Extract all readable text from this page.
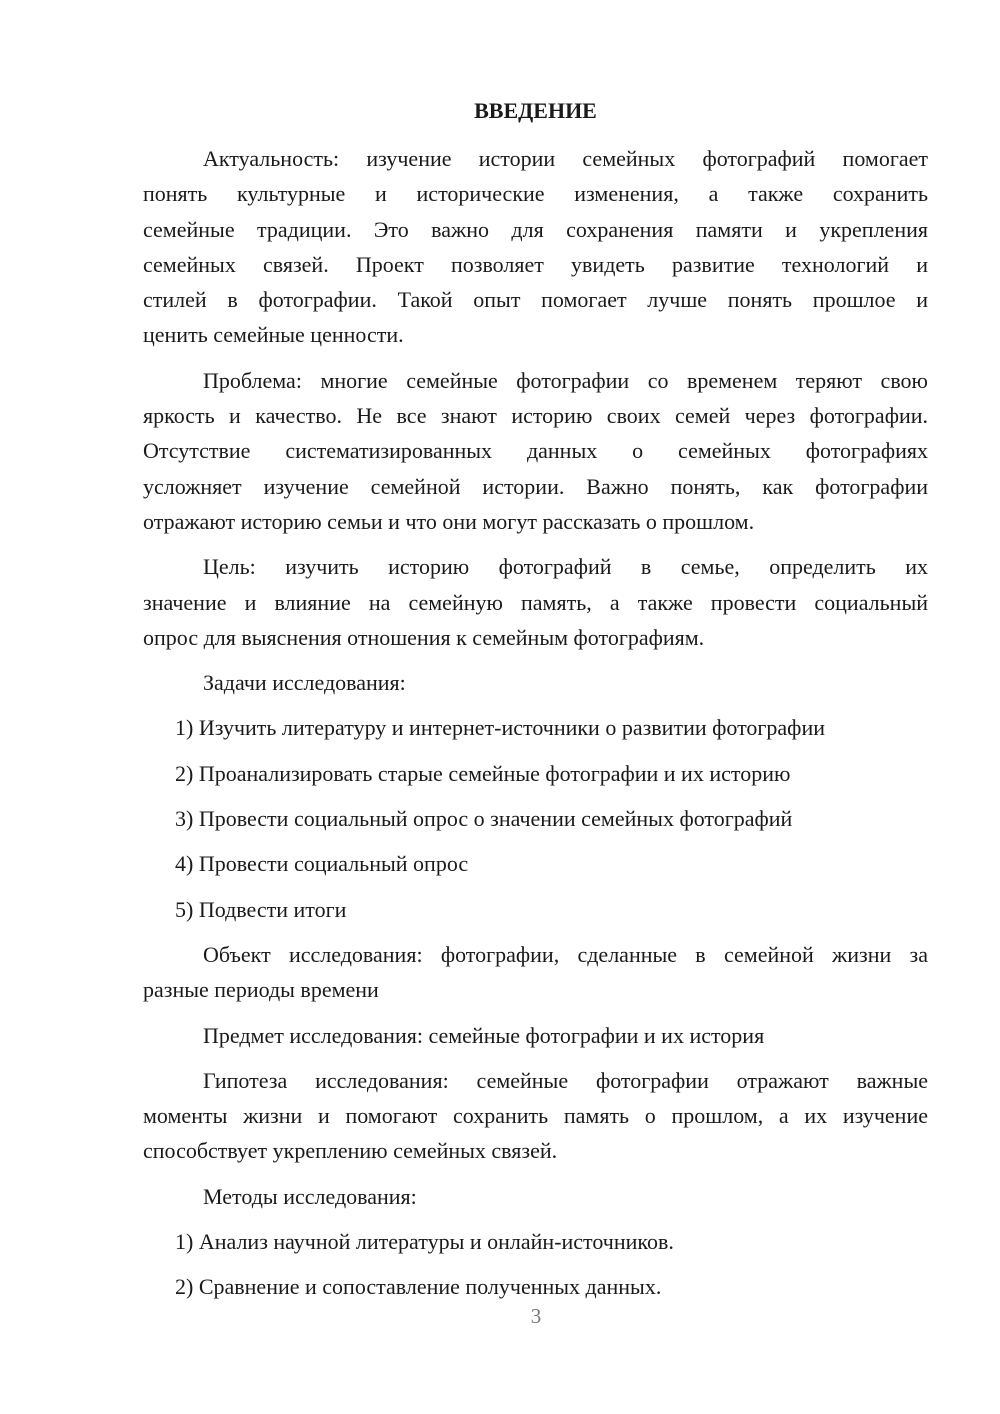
ВВЕДЕНИЕ
Актуальность: изучение истории семейных фотографий помогает
понять культурные и исторические изменения, а также сохранить
семейные традиции. Это важно для сохранения памяти и укрепления
семейных связей. Проект позволяет увидеть развитие технологий и
стилей в фотографии. Такой опыт помогает лучше понять прошлое и
ценить семейные ценности.
Проблема: многие семейные фотографии со временем теряют свою
яркость и качество. Не все знают историю своих семей через фотографии.
Отсутствие систематизированных данных о семейных фотографиях
усложняет изучение семейной истории. Важно понять, как фотографии
отражают историю семьи и что они могут рассказать о прошлом.
Цель: изучить историю фотографий в семье, определить их
значение и влияние на семейную память, а также провести социальный
опрос для выяснения отношения к семейным фотографиям.
Задачи исследования:
1) Изучить литературу и интернет-источники о развитии фотографии
2) Проанализировать старые семейные фотографии и их историю
3) Провести социальный опрос о значении семейных фотографий
4) Провести социальный опрос
5) Подвести итоги
Объект исследования: фотографии, сделанные в семейной жизни за
разные периоды времени
Предмет исследования: семейные фотографии и их история
Гипотеза исследования: семейные фотографии отражают важные
моменты жизни и помогают сохранить память о прошлом, а их изучение
способствует укреплению семейных связей.
Методы исследования:
1) Анализ научной литературы и онлайн-источников.
2) Сравнение и сопоставление полученных данных.
3
